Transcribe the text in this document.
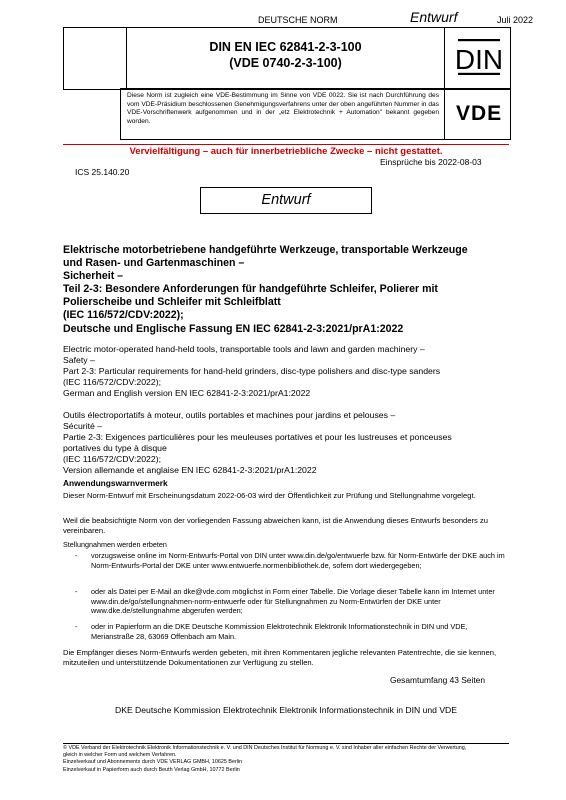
DEUTSCHE NORM	Entwurf	Juli 2022
DIN EN IEC 62841-2-3-100
(VDE 0740-2-3-100)	DIN
Diese Norm ist zugleich eine VDE-Bestimmung im Sinne von VDE 0022. Sie ist nach Durchführung des vom VDE-Präsidium beschlossenen Genehmigungsverfahrens unter der oben angeführten Nummer in das VDE-Vorschriftenwerk aufgenommen und in der „etz Elektrotechnik + Automation" bekannt gegeben worden.	VDE
Vervielfältigung – auch für innerbetriebliche Zwecke – nicht gestattet.
Einsprüche bis 2022-08-03
ICS 25.140.20
Entwurf
Elektrische motorbetriebene handgeführte Werkzeuge, transportable Werkzeuge
und Rasen- und Gartenmaschinen –
Sicherheit –
Teil 2-3: Besondere Anforderungen für handgeführte Schleifer, Polierer mit
Polierscheibe und Schleifer mit Schleifblatt
(IEC 116/572/CDV:2022);
Deutsche und Englische Fassung EN IEC 62841-2-3:2021/prA1:2022
Electric motor-operated hand-held tools, transportable tools and lawn and garden machinery –
Safety –
Part 2-3: Particular requirements for hand-held grinders, disc-type polishers and disc-type sanders
(IEC 116/572/CDV:2022);
German and English version EN IEC 62841-2-3:2021/prA1:2022
Outils électroportatifs à moteur, outils portables et machines pour jardins et pelouses –
Sécurité –
Partie 2-3: Exigences particulières pour les meuleuses portatives et pour les lustreuses et ponceuses
portatives du type à disque
(IEC 116/572/CDV:2022);
Version allemande et anglaise EN IEC 62841-2-3:2021/prA1:2022
Anwendungswarnvermerk
Dieser Norm-Entwurf mit Erscheinungsdatum 2022-06-03 wird der Öffentlichkeit zur Prüfung und Stellungnahme vorgelegt.
Weil die beabsichtigte Norm von der vorliegenden Fassung abweichen kann, ist die Anwendung dieses Entwurfs besonders zu vereinbaren.
Stellungnahmen werden erbeten
- vorzugsweise online im Norm-Entwurfs-Portal von DIN unter www.din.de/go/entwuerfe bzw. für Norm-Entwürfe der DKE auch im Norm-Entwurfs-Portal der DKE unter www.entwuerfe.normenbibliothek.de, sofern dort wiedergegeben;
- oder als Datei per E-Mail an dke@vde.com möglichst in Form einer Tabelle. Die Vorlage dieser Tabelle kann im Internet unter www.din.de/go/stellungnahmen-norm-entwuerfe oder für Stellungnahmen zu Norm-Entwürfen der DKE unter www.dke.de/stellungnahme abgerufen werden;
- oder in Papierform an die DKE Deutsche Kommission Elektrotechnik Elektronik Informationstechnik in DIN und VDE, Merianstraße 28, 63069 Offenbach am Main.
Die Empfänger dieses Norm-Entwurfs werden gebeten, mit ihren Kommentaren jegliche relevanten Patentrechte, die sie kennen, mitzuteilen und unterstützende Dokumentationen zur Verfügung zu stellen.
Gesamtumfang 43 Seiten
DKE Deutsche Kommission Elektrotechnik Elektronik Informationstechnik in DIN und VDE
© VDE Verband der Elektrotechnik Elektronik Informationstechnik e. V. und DIN Deutsches Institut für Normung e. V. sind Inhaber aller einfachen Rechte der Verwertung,
gleich in welcher Form und welchem Verfahren.
Einzelverkauf und Abonnements durch VDE VERLAG GMBH, 10625 Berlin
Einzelverkauf in Papierform auch durch Beuth Verlag GmbH, 10772 Berlin
